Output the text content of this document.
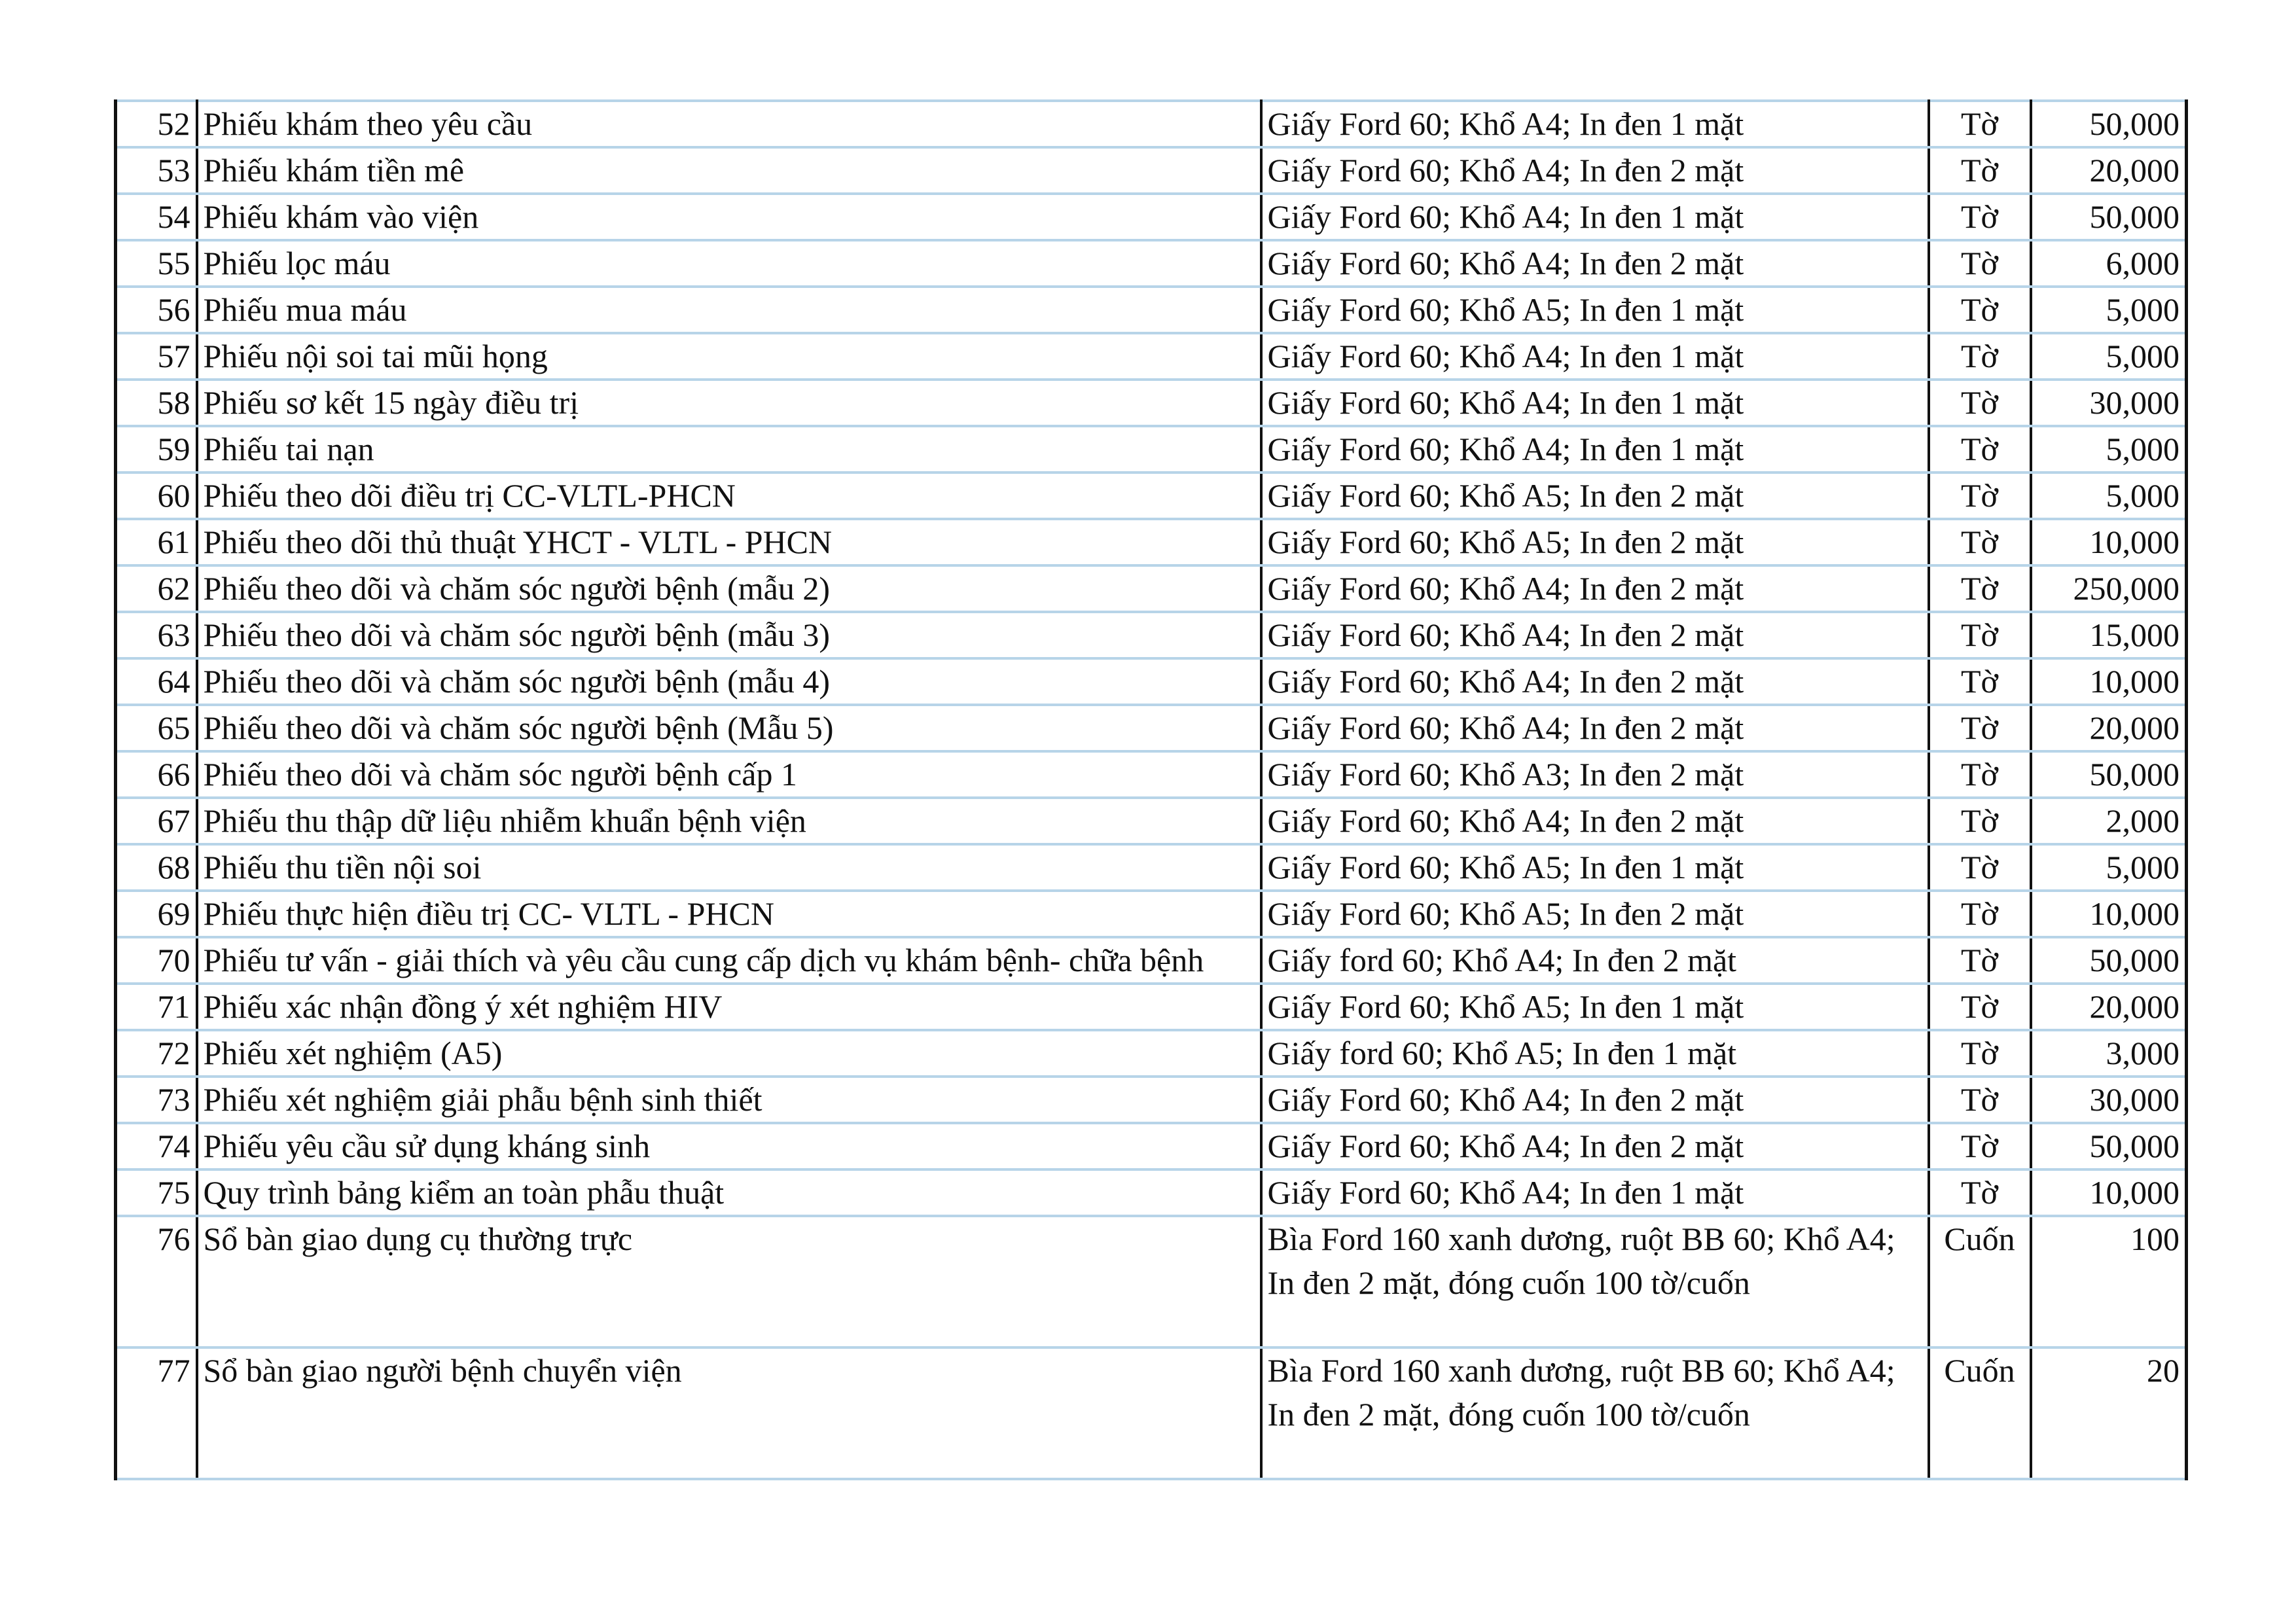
52	Phiếu khám theo yêu cầu	Giấy Ford 60; Khổ A4; In đen 1 mặt	Tờ	50,000
53	Phiếu khám tiền mê	Giấy Ford 60; Khổ A4; In đen 2 mặt	Tờ	20,000
54	Phiếu khám vào viện	Giấy Ford 60; Khổ A4; In đen 1 mặt	Tờ	50,000
55	Phiếu lọc máu	Giấy Ford 60; Khổ A4; In đen 2 mặt	Tờ	6,000
56	Phiếu mua máu	Giấy Ford 60; Khổ A5; In đen 1 mặt	Tờ	5,000
57	Phiếu nội soi tai mũi họng	Giấy Ford 60; Khổ A4; In đen 1 mặt	Tờ	5,000
58	Phiếu sơ kết 15 ngày điều trị	Giấy Ford 60; Khổ A4; In đen 1 mặt	Tờ	30,000
59	Phiếu tai nạn	Giấy Ford 60; Khổ A4; In đen 1 mặt	Tờ	5,000
60	Phiếu theo dõi điều trị CC-VLTL-PHCN	Giấy Ford 60; Khổ A5; In đen 2 mặt	Tờ	5,000
61	Phiếu theo dõi thủ thuật YHCT - VLTL - PHCN	Giấy Ford 60; Khổ A5; In đen 2 mặt	Tờ	10,000
62	Phiếu theo dõi và chăm sóc người bệnh (mẫu 2)	Giấy Ford 60; Khổ A4; In đen 2 mặt	Tờ	250,000
63	Phiếu theo dõi và chăm sóc người bệnh (mẫu 3)	Giấy Ford 60; Khổ A4; In đen 2 mặt	Tờ	15,000
64	Phiếu theo dõi và chăm sóc người bệnh (mẫu 4)	Giấy Ford 60; Khổ A4; In đen 2 mặt	Tờ	10,000
65	Phiếu theo dõi và chăm sóc người bệnh (Mẫu 5)	Giấy Ford 60; Khổ A4; In đen 2 mặt	Tờ	20,000
66	Phiếu theo dõi và chăm sóc người bệnh cấp 1	Giấy Ford 60; Khổ A3; In đen 2 mặt	Tờ	50,000
67	Phiếu thu thập dữ liệu nhiễm khuẩn bệnh viện	Giấy Ford 60; Khổ A4; In đen 2 mặt	Tờ	2,000
68	Phiếu thu tiền nội soi	Giấy Ford 60; Khổ A5; In đen 1 mặt	Tờ	5,000
69	Phiếu thực hiện điều trị CC- VLTL - PHCN	Giấy Ford 60; Khổ A5; In đen 2 mặt	Tờ	10,000
70	Phiếu tư vấn - giải thích và yêu cầu cung cấp dịch vụ khám bệnh- chữa bệnh	Giấy ford 60; Khổ A4; In đen 2 mặt	Tờ	50,000
71	Phiếu xác nhận đồng ý xét nghiệm HIV	Giấy Ford 60; Khổ A5; In đen 1 mặt	Tờ	20,000
72	Phiếu xét nghiệm (A5)	Giấy ford 60; Khổ A5; In đen 1 mặt	Tờ	3,000
73	Phiếu xét nghiệm giải phẫu bệnh sinh thiết	Giấy Ford 60; Khổ A4; In đen 2 mặt	Tờ	30,000
74	Phiếu yêu cầu sử dụng kháng sinh	Giấy Ford 60; Khổ A4; In đen 2 mặt	Tờ	50,000
75	Quy trình bảng kiểm an toàn phẫu thuật	Giấy Ford 60; Khổ A4; In đen 1 mặt	Tờ	10,000
76	Sổ bàn giao dụng cụ thường trực	Bìa Ford 160 xanh dương, ruột BB 60; Khổ A4; In đen 2 mặt, đóng cuốn 100 tờ/cuốn	Cuốn	100
77	Sổ bàn giao người bệnh chuyển viện	Bìa Ford 160 xanh dương, ruột BB 60; Khổ A4; In đen 2 mặt, đóng cuốn 100 tờ/cuốn	Cuốn	20
